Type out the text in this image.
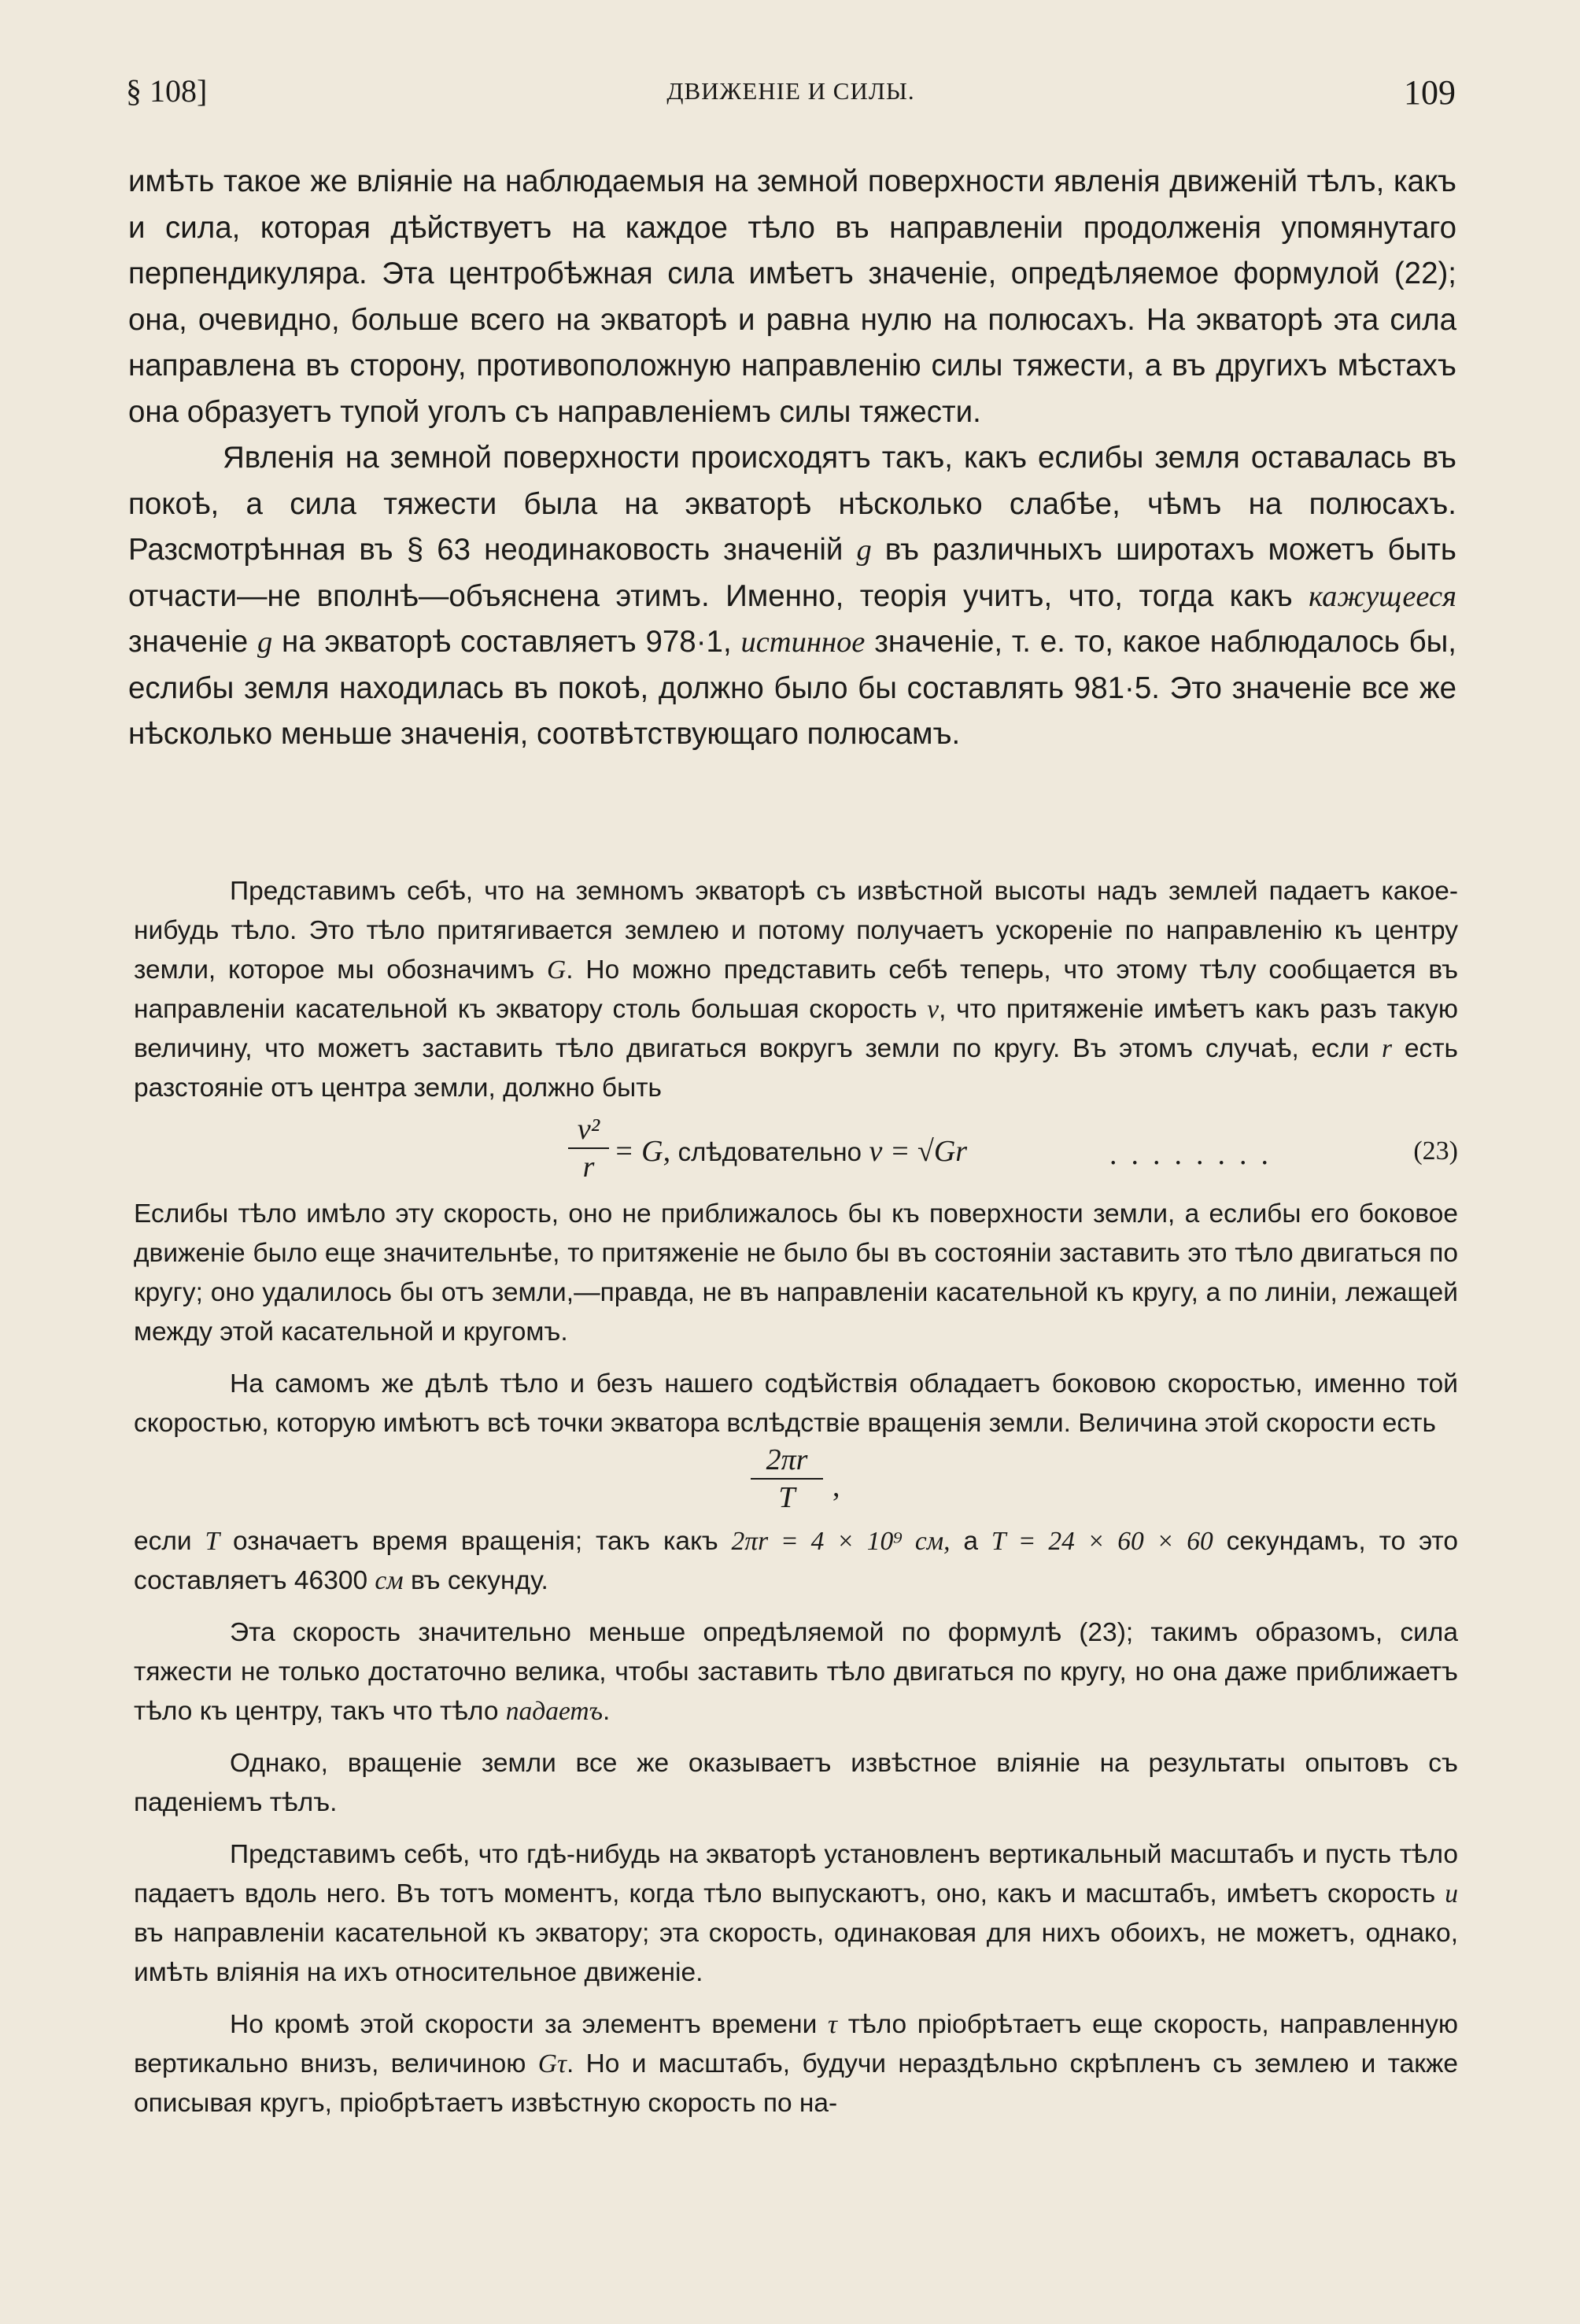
§ 108]	ДВИЖЕНІЕ И СИЛЫ.	109

имѣть такое же вліяніе на наблюдаемыя на земной поверхности явленія движеній тѣлъ, какъ и сила, которая дѣйствуетъ на каждое тѣло въ направленіи продолженія упомянутаго перпендикуляра. Эта центробѣжная сила имѣетъ значеніе, опредѣляемое формулой (22); она, очевидно, больше всего на экваторѣ и равна нулю на полюсахъ. На экваторѣ эта сила направлена въ сторону, противоположную направленію силы тяжести, а въ другихъ мѣстахъ она образуетъ тупой уголъ съ направленіемъ силы тяжести.

Явленія на земной поверхности происходятъ такъ, какъ еслибы земля оставалась въ покоѣ, а сила тяжести была на экваторѣ нѣсколько слабѣе, чѣмъ на полюсахъ. Разсмотрѣнная въ § 63 неодинаковость значеній g въ различныхъ широтахъ можетъ быть отчасти—не вполнѣ—объяснена этимъ. Именно, теорія учитъ, что, тогда какъ кажущееся значеніе g на экваторѣ составляетъ 978·1, истинное значеніе, т. е. то, какое наблюдалось бы, еслибы земля находилась въ покоѣ, должно было бы составлять 981·5. Это значеніе все же нѣсколько меньше значенія, соотвѣтствующаго полюсамъ.

Представимъ себѣ, что на земномъ экваторѣ съ извѣстной высоты надъ землей падаетъ какое-нибудь тѣло. Это тѣло притягивается землею и потому получаетъ ускореніе по направленію къ центру земли, которое мы обозначимъ G. Но можно представить себѣ теперь, что этому тѣлу сообщается въ направленіи касательной къ экватору столь большая скорость v, что притяженіе имѣетъ какъ разъ такую величину, что можетъ заставить тѣло двигаться вокругъ земли по кругу. Въ этомъ случаѣ, если r есть разстояніе отъ центра земли, должно быть

v²
r = G, слѣдовательно v = √Gr	........	(23)

Еслибы тѣло имѣло эту скорость, оно не приближалось бы къ поверхности земли, а еслибы его боковое движеніе было еще значительнѣе, то притяженіе не было бы въ состояніи заставить это тѣло двигаться по кругу; оно удалилось бы отъ земли,—правда, не въ направленіи касательной къ кругу, а по линіи, лежащей между этой касательной и кругомъ.

На самомъ же дѣлѣ тѣло и безъ нашего содѣйствія обладаетъ боковою скоростью, именно той скоростью, которую имѣютъ всѣ точки экватора вслѣдствіе вращенія земли. Величина этой скорости есть

2πr
T	,

если T означаетъ время вращенія; такъ какъ 2πr = 4 × 10⁹ см, а T = 24 × 60 × 60 секундамъ, то это составляетъ 46300 см въ секунду.

Эта скорость значительно меньше опредѣляемой по формулѣ (23); такимъ образомъ, сила тяжести не только достаточно велика, чтобы заставить тѣло двигаться по кругу, но она даже приближаетъ тѣло къ центру, такъ что тѣло падаетъ.

Однако, вращеніе земли все же оказываетъ извѣстное вліяніе на результаты опытовъ съ паденіемъ тѣлъ.

Представимъ себѣ, что гдѣ-нибудь на экваторѣ установленъ вертикальный масштабъ и пусть тѣло падаетъ вдоль него. Въ тотъ моментъ, когда тѣло выпускаютъ, оно, какъ и масштабъ, имѣетъ скорость u въ направленіи касательной къ экватору; эта скорость, одинаковая для нихъ обоихъ, не можетъ, однако, имѣть вліянія на ихъ относительное движеніе.

Но кромѣ этой скорости за элементъ времени τ тѣло пріобрѣтаетъ еще скорость, направленную вертикально внизъ, величиною Gτ. Но и масштабъ, будучи нераздѣльно скрѣпленъ съ землею и также описывая кругъ, пріобрѣтаетъ извѣстную скорость по на-
